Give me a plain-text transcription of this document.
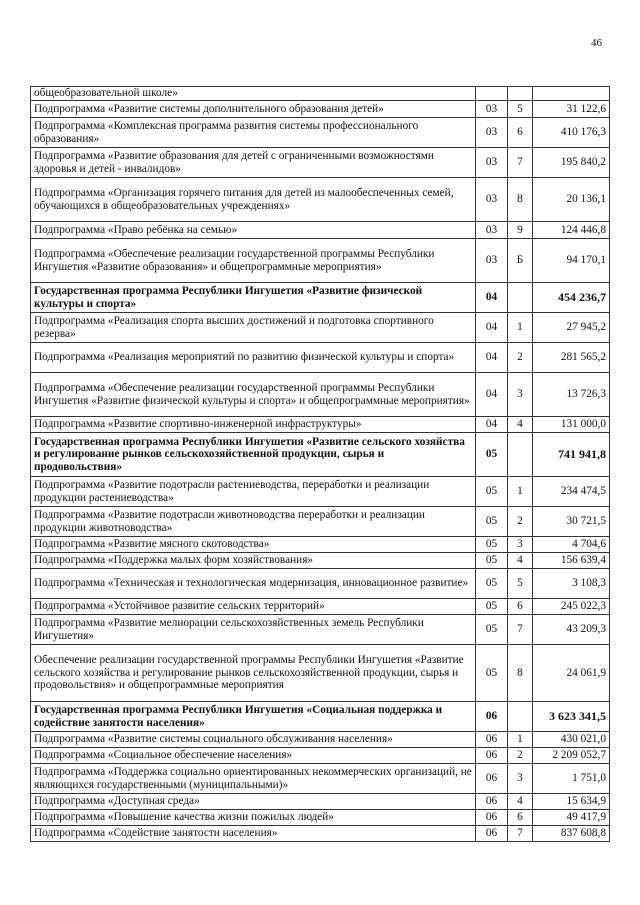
46
общеобразовательной школе»			
Подпрограмма «Развитие системы дополнительного образования детей»	03	5	31 122,6
Подпрограмма «Комплексная программа развития системы профессионального образования»	03	6	410 176,3
Подпрограмма «Развитие образования для детей с ограниченными возможностями здоровья и детей - инвалидов»	03	7	195 840,2
Подпрограмма «Организация горячего питания для детей из малообеспеченных семей, обучающихся в общеобразовательных учреждениях»	03	8	20 136,1
Подпрограмма «Право ребёнка на семью»	03	9	124 446,8
Подпрограмма «Обеспечение реализации государственной программы Республики Ингушетия «Развитие образования» и общепрограммные мероприятия»	03	Б	94 170,1
Государственная программа Республики Ингушетия «Развитие физической культуры и спорта»	04		454 236,7
Подпрограмма «Реализация спорта высших достижений и подготовка спортивного резерва»	04	1	27 945,2
Подпрограмма «Реализация мероприятий по развитию физической культуры и спорта»	04	2	281 565,2
Подпрограмма «Обеспечение реализации государственной программы Республики Ингушетия «Развитие физической культуры и спорта» и общепрограммные мероприятия»	04	3	13 726,3
Подпрограмма «Развитие спортивно-инженерной инфраструктуры»	04	4	131 000,0
Государственная программа Республики Ингушетия «Развитие сельского хозяйства и регулирование рынков сельскохозяйственной продукции, сырья и продовольствия»	05		741 941,8
Подпрограмма «Развитие подотрасли растениеводства, переработки и реализации продукции растениеводства»	05	1	234 474,5
Подпрограмма «Развитие подотрасли животноводства переработки и реализации продукции животноводства»	05	2	30 721,5
Подпрограмма «Развитие мясного скотоводства»	05	3	4 704,6
Подпрограмма «Поддержка малых форм хозяйствования»	05	4	156 639,4
Подпрограмма «Техническая и технологическая модернизация, инновационное развитие»	05	5	3 108,3
Подпрограмма «Устойчивое развитие сельских территорий»	05	6	245 022,3
Подпрограмма «Развитие мелиорации сельскохозяйственных земель Республики Ингушетия»	05	7	43 209,3
Обеспечение реализации государственной программы Республики Ингушетия «Развитие сельского хозяйства и регулирование рынков сельскохозяйственной продукции, сырья и продовольствия» и общепрограммные мероприятия	05	8	24 061,9
Государственная программа Республики Ингушетия «Социальная поддержка и содействие занятости населения»	06		3 623 341,5
Подпрограмма «Развитие системы социального обслуживания населения»	06	1	430 021,0
Подпрограмма «Социальное обеспечение населения»	06	2	2 209 052,7
Подпрограмма «Поддержка социально ориентированных некоммерческих организаций, не являющихся государственными (муниципальными)»	06	3	1 751,0
Подпрограмма «Доступная среда»	06	4	15 634,9
Подпрограмма «Повышение качества жизни пожилых людей»	06	6	49 417,9
Подпрограмма «Содействие занятости населения»	06	7	837 608,8
